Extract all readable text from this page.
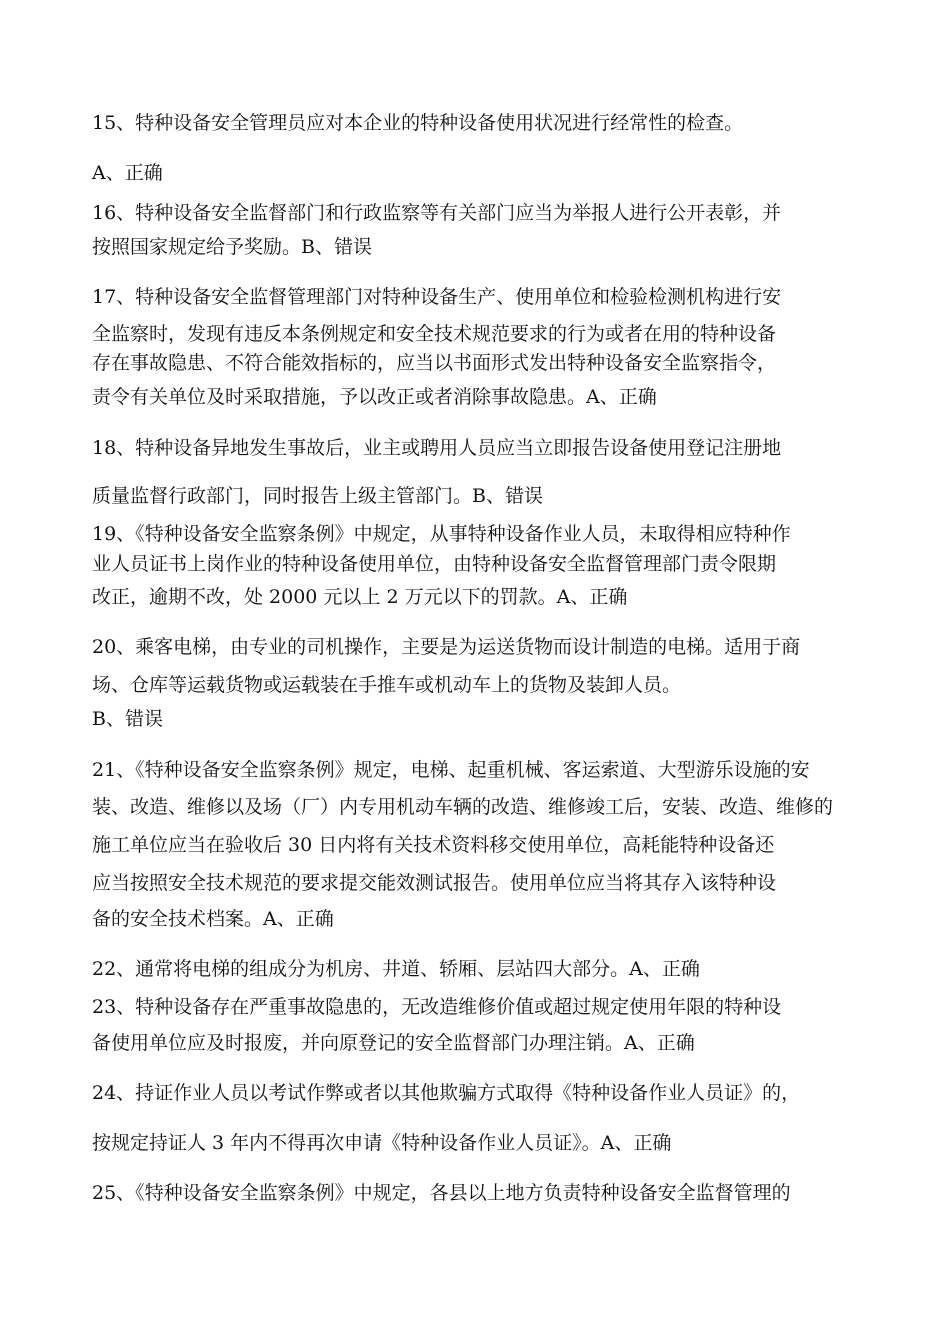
15、特种设备安全管理员应对本企业的特种设备使用状况进行经常性的检查。
A、正确
16、特种设备安全监督部门和行政监察等有关部门应当为举报人进行公开表彰，并
按照国家规定给予奖励。B、错误
17、特种设备安全监督管理部门对特种设备生产、使用单位和检验检测机构进行安
全监察时，发现有违反本条例规定和安全技术规范要求的行为或者在用的特种设备
存在事故隐患、不符合能效指标的，应当以书面形式发出特种设备安全监察指令，
责令有关单位及时采取措施，予以改正或者消除事故隐患。A、正确
18、特种设备异地发生事故后，业主或聘用人员应当立即报告设备使用登记注册地
质量监督行政部门，同时报告上级主管部门。B、错误
19、《特种设备安全监察条例》中规定，从事特种设备作业人员，未取得相应特种作
业人员证书上岗作业的特种设备使用单位，由特种设备安全监督管理部门责令限期
改正，逾期不改，处 2000 元以上 2 万元以下的罚款。A、正确
20、乘客电梯，由专业的司机操作，主要是为运送货物而设计制造的电梯。适用于商
场、仓库等运载货物或运载装在手推车或机动车上的货物及装卸人员。
B、错误
21、《特种设备安全监察条例》规定，电梯、起重机械、客运索道、大型游乐设施的安
装、改造、维修以及场（厂）内专用机动车辆的改造、维修竣工后，安装、改造、维修的
施工单位应当在验收后 30 日内将有关技术资料移交使用单位，高耗能特种设备还
应当按照安全技术规范的要求提交能效测试报告。使用单位应当将其存入该特种设
备的安全技术档案。A、正确
22、通常将电梯的组成分为机房、井道、轿厢、层站四大部分。A、正确
23、特种设备存在严重事故隐患的，无改造维修价值或超过规定使用年限的特种设
备使用单位应及时报废，并向原登记的安全监督部门办理注销。A、正确
24、持证作业人员以考试作弊或者以其他欺骗方式取得《特种设备作业人员证》的，
按规定持证人 3 年内不得再次申请《特种设备作业人员证》。A、正确
25、《特种设备安全监察条例》中规定，各县以上地方负责特种设备安全监督管理的
